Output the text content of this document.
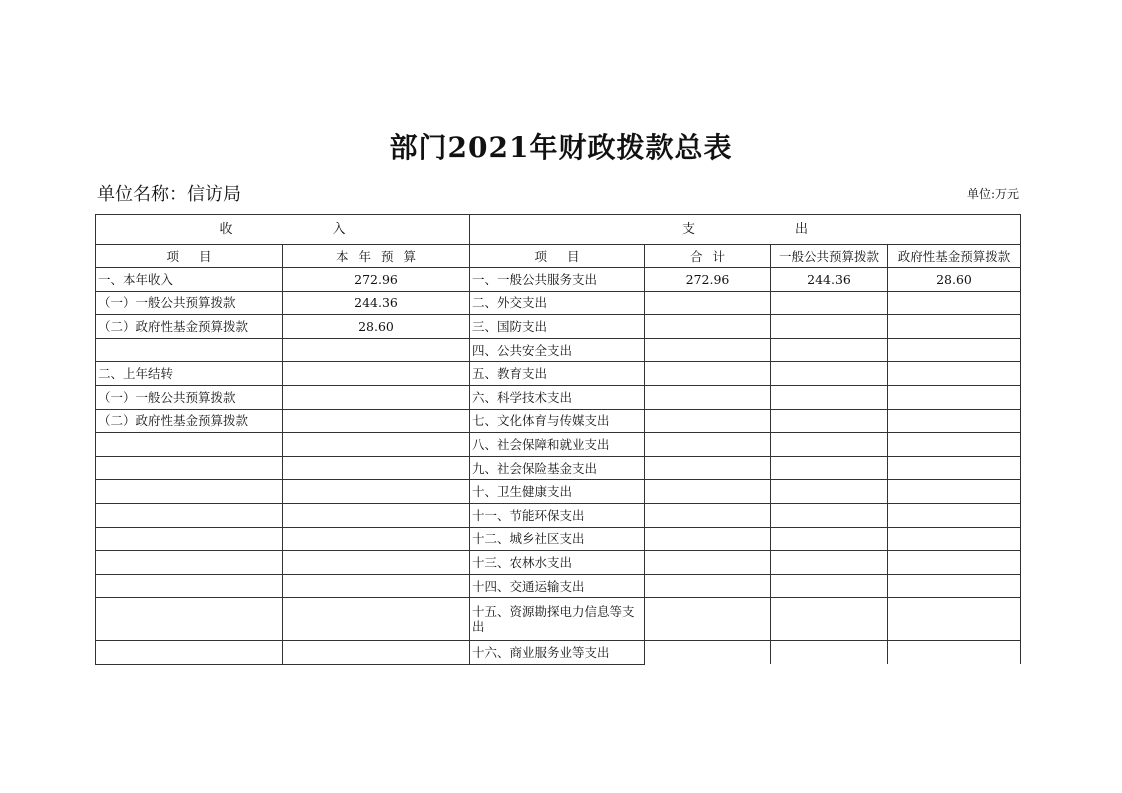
部门2021年财政拨款总表
单位名称：信访局	单位:万元
收入		支出			
项目	本年预算	项目	合计	一般公共预算拨款	政府性基金预算拨款
一、本年收入	272.96	一、一般公共服务支出	272.96	244.36	28.60
（一）一般公共预算拨款	244.36	二、外交支出			
（二）政府性基金预算拨款	28.60	三、国防支出			
		四、公共安全支出			
二、上年结转		五、教育支出			
（一）一般公共预算拨款		六、科学技术支出			
（二）政府性基金预算拨款		七、文化体育与传媒支出			
		八、社会保障和就业支出			
		九、社会保险基金支出			
		十、卫生健康支出			
		十一、节能环保支出			
		十二、城乡社区支出			
		十三、农林水支出			
		十四、交通运输支出			
		十五、资源勘探电力信息等支出			
		十六、商业服务业等支出			
